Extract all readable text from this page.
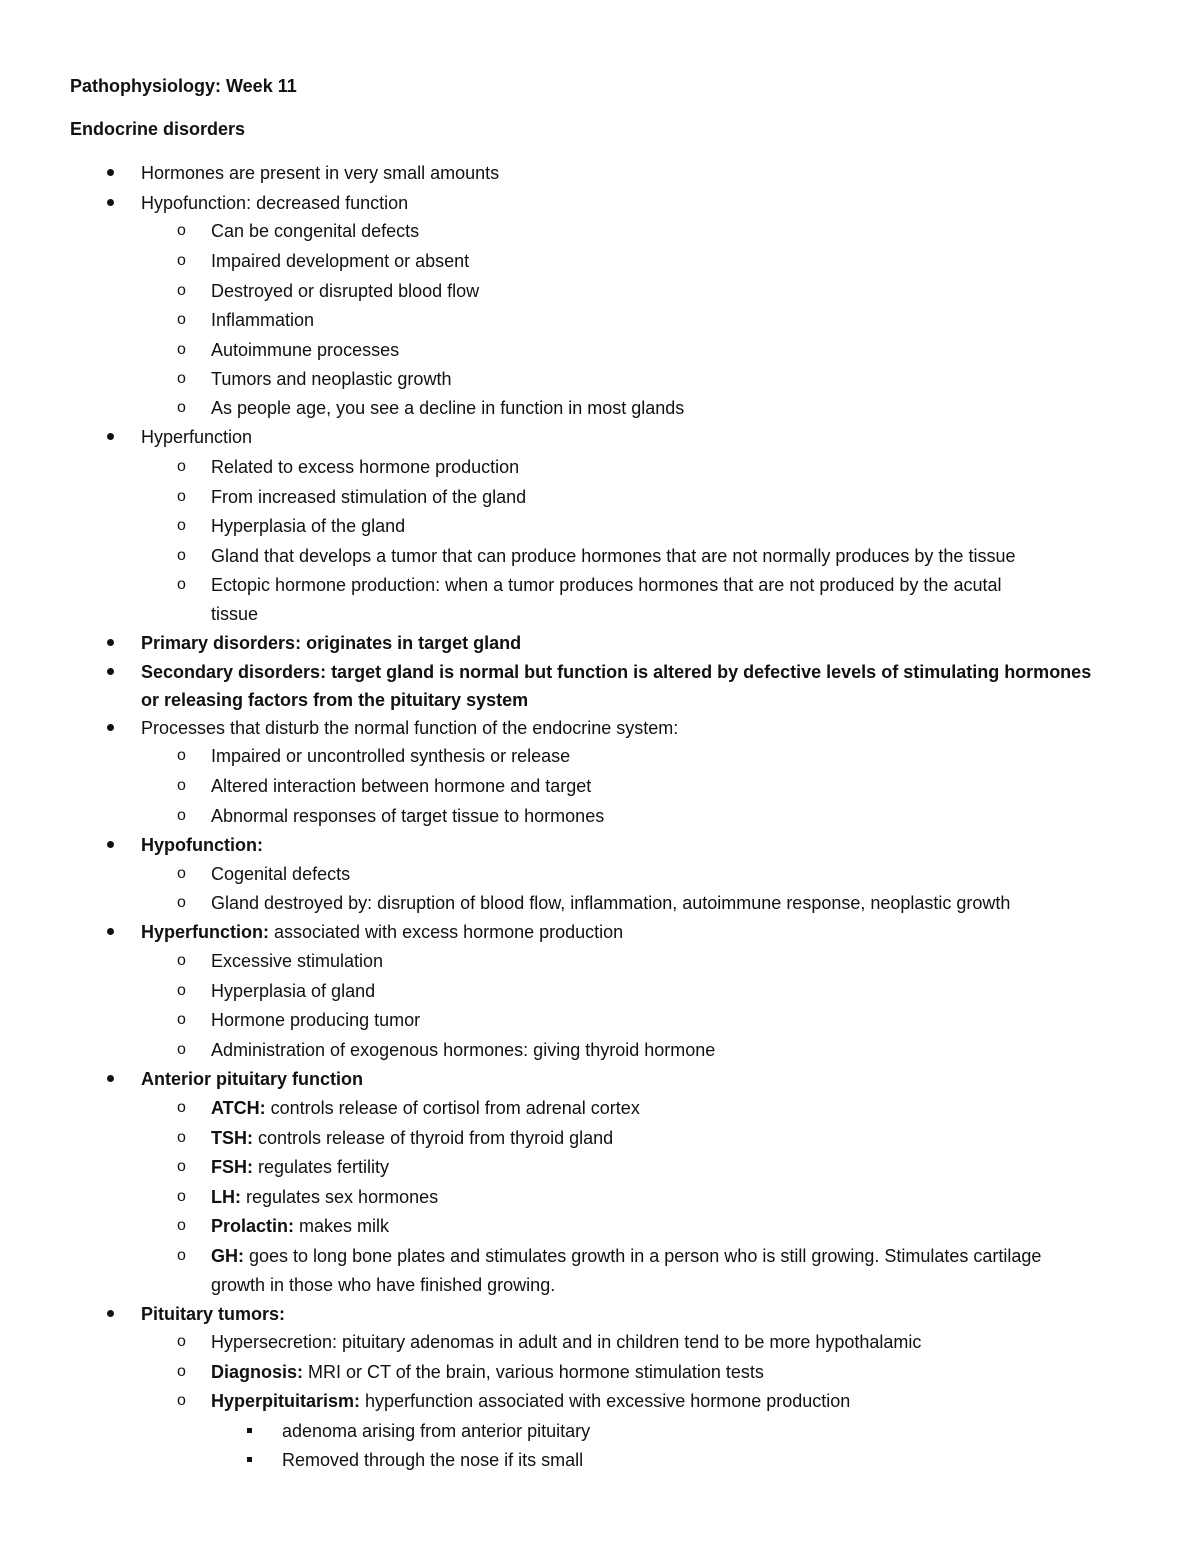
Pathophysiology: Week 11
Endocrine disorders
Hormones are present in very small amounts
Hypofunction: decreased function
o Can be congenital defects
o Impaired development or absent
o Destroyed or disrupted blood flow
o Inflammation
o Autoimmune processes
o Tumors and neoplastic growth
o As people age, you see a decline in function in most glands
Hyperfunction
o Related to excess hormone production
o From increased stimulation of the gland
o Hyperplasia of the gland
o Gland that develops a tumor that can produce hormones that are not normally produces by the tissue
o Ectopic hormone production: when a tumor produces hormones that are not produced by the acutal
tissue
Primary disorders: originates in target gland
Secondary disorders: target gland is normal but function is altered by defective levels of stimulating hormones
or releasing factors from the pituitary system
Processes that disturb the normal function of the endocrine system:
o Impaired or uncontrolled synthesis or release
o Altered interaction between hormone and target
o Abnormal responses of target tissue to hormones
Hypofunction:
o Cogenital defects
o Gland destroyed by: disruption of blood flow, inflammation, autoimmune response, neoplastic growth
Hyperfunction: associated with excess hormone production
o Excessive stimulation
o Hyperplasia of gland
o Hormone producing tumor
o Administration of exogenous hormones: giving thyroid hormone
Anterior pituitary function
o ATCH: controls release of cortisol from adrenal cortex
o TSH: controls release of thyroid from thyroid gland
o FSH: regulates fertility
o LH: regulates sex hormones
o Prolactin: makes milk
o GH: goes to long bone plates and stimulates growth in a person who is still growing. Stimulates cartilage
growth in those who have finished growing.
Pituitary tumors:
o Hypersecretion: pituitary adenomas in adult and in children tend to be more hypothalamic
o Diagnosis: MRI or CT of the brain, various hormone stimulation tests
o Hyperpituitarism: hyperfunction associated with excessive hormone production
adenoma arising from anterior pituitary
Removed through the nose if its small
